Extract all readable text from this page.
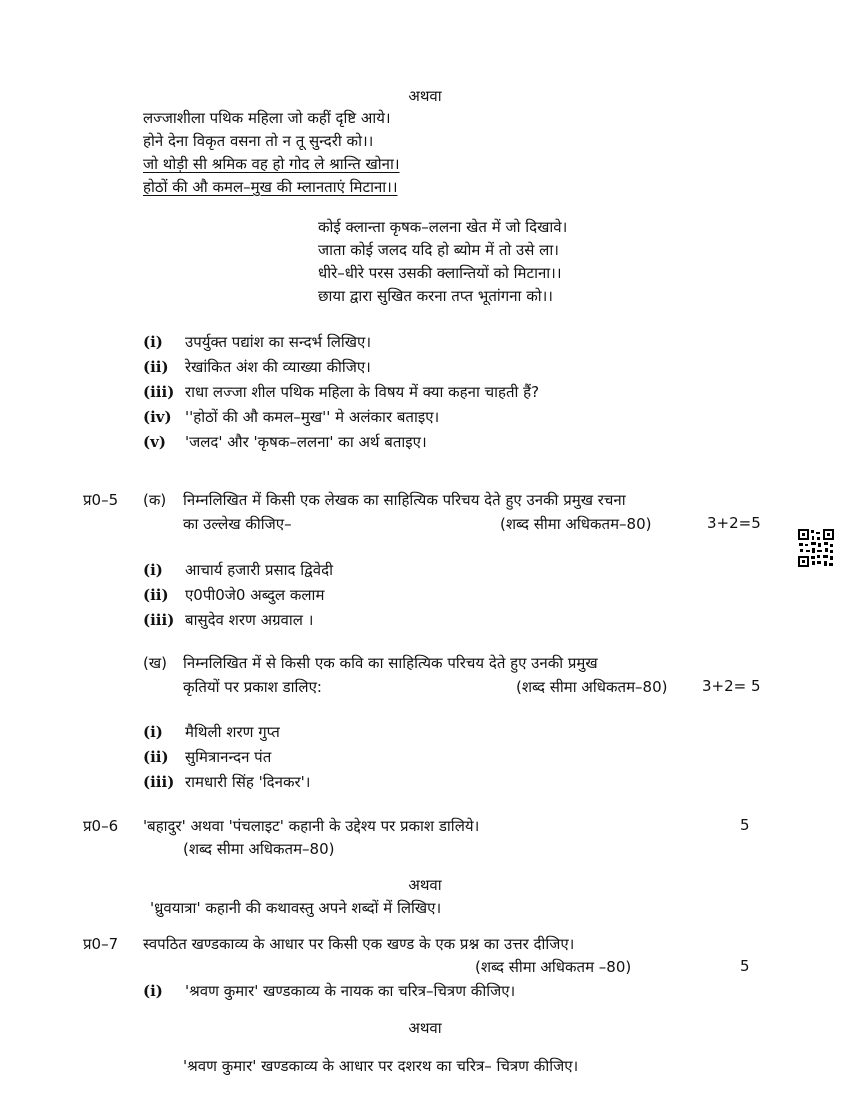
अथवा
लज्जाशीला पथिक महिला जो कहीं दृष्टि आये।
होने देना विकृत वसना तो न तू सुन्दरी को।।
जो थोड़ी सी श्रमिक वह हो गोद ले श्रान्ति खोना।
होठों की औ कमल–मुख की म्लानताएं मिटाना।।
कोई क्लान्ता कृषक–ललना खेत में जो दिखावे।
जाता कोई जलद यदि हो ब्योम में तो उसे ला।
धीरे–धीरे परस उसकी क्लान्तियों को मिटाना।।
छाया द्वारा सुखित करना तप्त भूतांगना को।।
(i) उपर्युक्त पद्यांश का सन्दर्भ लिखिए।
(ii) रेखांकित अंश की व्याख्या कीजिए।
(iii) राधा लज्जा शील पथिक महिला के विषय में क्या कहना चाहती हैं?
(iv) ''होठों की औ कमल–मुख'' मे अलंकार बताइए।
(v) 'जलद' और 'कृषक–ललना' का अर्थ बताइए।
प्र0–5 (क) निम्नलिखित में किसी एक लेखक का साहित्यिक परिचय देते हुए उनकी प्रमुख रचना
का उल्लेख कीजिए–	(शब्द सीमा अधिकतम–80)	3+2=5
(i) आचार्य हजारी प्रसाद द्विवेदी
(ii) ए0पी0जे0 अब्दुल कलाम
(iii) बासुदेव शरण अग्रवाल ।
(ख) निम्नलिखित में से किसी एक कवि का साहित्यिक परिचय देते हुए उनकी प्रमुख
कृतियों पर प्रकाश डालिए:	(शब्द सीमा अधिकतम–80) 3+2= 5
(i) मैथिली शरण गुप्त
(ii) सुमित्रानन्दन पंत
(iii) रामधारी सिंह 'दिनकर'।
प्र0–6 'बहादुर' अथवा 'पंचलाइट' कहानी के उद्देश्य पर प्रकाश डालिये।	5
(शब्द सीमा अधिकतम–80)
अथवा
'ध्रुवयात्रा' कहानी की कथावस्तु अपने शब्दों में लिखिए।
प्र0–7 स्वपठित खण्डकाव्य के आधार पर किसी एक खण्ड के एक प्रश्न का उत्तर दीजिए।
(शब्द सीमा अधिकतम –80)	5
(i) 'श्रवण कुमार' खण्डकाव्य के नायक का चरित्र–चित्रण कीजिए।
अथवा
'श्रवण कुमार' खण्डकाव्य के आधार पर दशरथ का चरित्र– चित्रण कीजिए।
